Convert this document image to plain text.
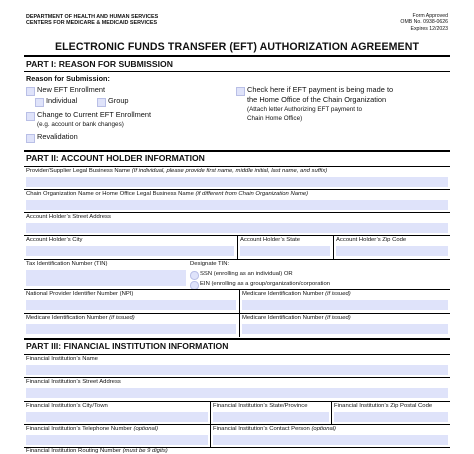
DEPARTMENT OF HEALTH AND HUMAN SERVICES
CENTERS FOR MEDICARE & MEDICAID SERVICES
Form Approved
OMB No. 0938-0626
Expires 12/2023
ELECTRONIC FUNDS TRANSFER (EFT) AUTHORIZATION AGREEMENT
PART I: REASON FOR SUBMISSION
Reason for Submission:
New EFT Enrollment
Individual	Group
Change to Current EFT Enrollment
(e.g. account or bank changes)
Revalidation
Check here if EFT payment is being made to
the Home Office of the Chain Organization
(Attach letter Authorizing EFT payment to
Chain Home Office)
PART II: ACCOUNT HOLDER INFORMATION
Provider/Supplier Legal Business Name (If individual, please provide first name, middle initial, last name, and suffix)
Chain Organization Name or Home Office Legal Business Name (if different from Chain Organization Name)
Account Holder’s Street Address
Account Holder’s City	Account Holder’s State	Account Holder’s Zip Code
Tax Identification Number (TIN)	Designate TIN:
SSN (enrolling as an individual) OR
EIN (enrolling as a group/organization/corporation
National Provider Identifier Number (NPI)	Medicare Identification Number (if issued)
Medicare Identification Number (if issued)	Medicare Identification Number (if issued)
PART III: FINANCIAL INSTITUTION INFORMATION
Financial Institution’s Name
Financial Institution’s Street Address
Financial Institution’s City/Town	Financial Institution’s State/Province	Financial Institution’s Zip Postal Code
Financial Institution’s Telephone Number (optional)	Financial Institution’s Contact Person (optional)
Financial Institution Routing Number (must be 9 digits)
